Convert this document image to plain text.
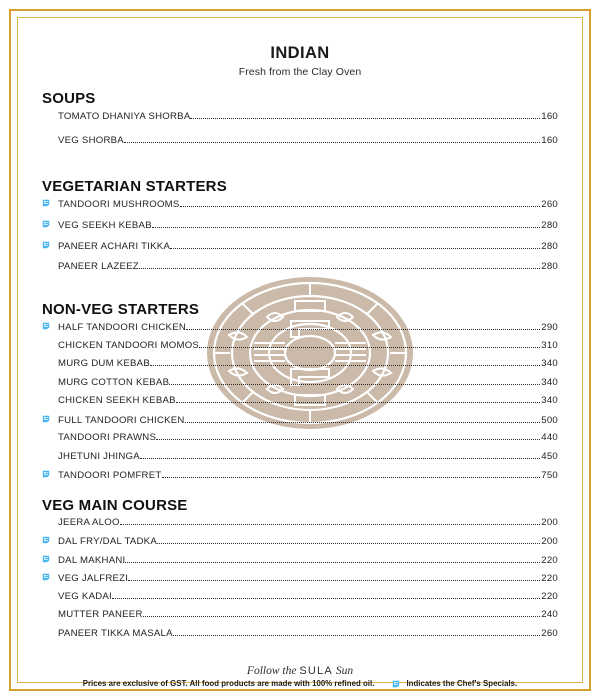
INDIAN
Fresh from the Clay Oven
SOUPS
TOMATO DHANIYA SHORBA	160
VEG SHORBA	160
VEGETARIAN STARTERS
TANDOORI MUSHROOMS	260
VEG SEEKH KEBAB	280
PANEER ACHARI TIKKA	280
PANEER LAZEEZ	280
NON-VEG STARTERS
HALF TANDOORI CHICKEN	290
CHICKEN TANDOORI MOMOS	310
MURG DUM KEBAB	340
MURG COTTON KEBAB	340
CHICKEN SEEKH KEBAB	340
FULL TANDOORI CHICKEN	500
TANDOORI PRAWNS	440
JHETUNI JHINGA	450
TANDOORI POMFRET	750
VEG MAIN COURSE
JEERA ALOO	200
DAL FRY/DAL TADKA	200
DAL MAKHANI	220
VEG JALFREZI	220
VEG KADAI	220
MUTTER PANEER	240
PANEER TIKKA MASALA	260
Follow the SULA Sun
Prices are exclusive of GST. All food products are made with 100% refined oil.	Indicates the Chef's Specials.
